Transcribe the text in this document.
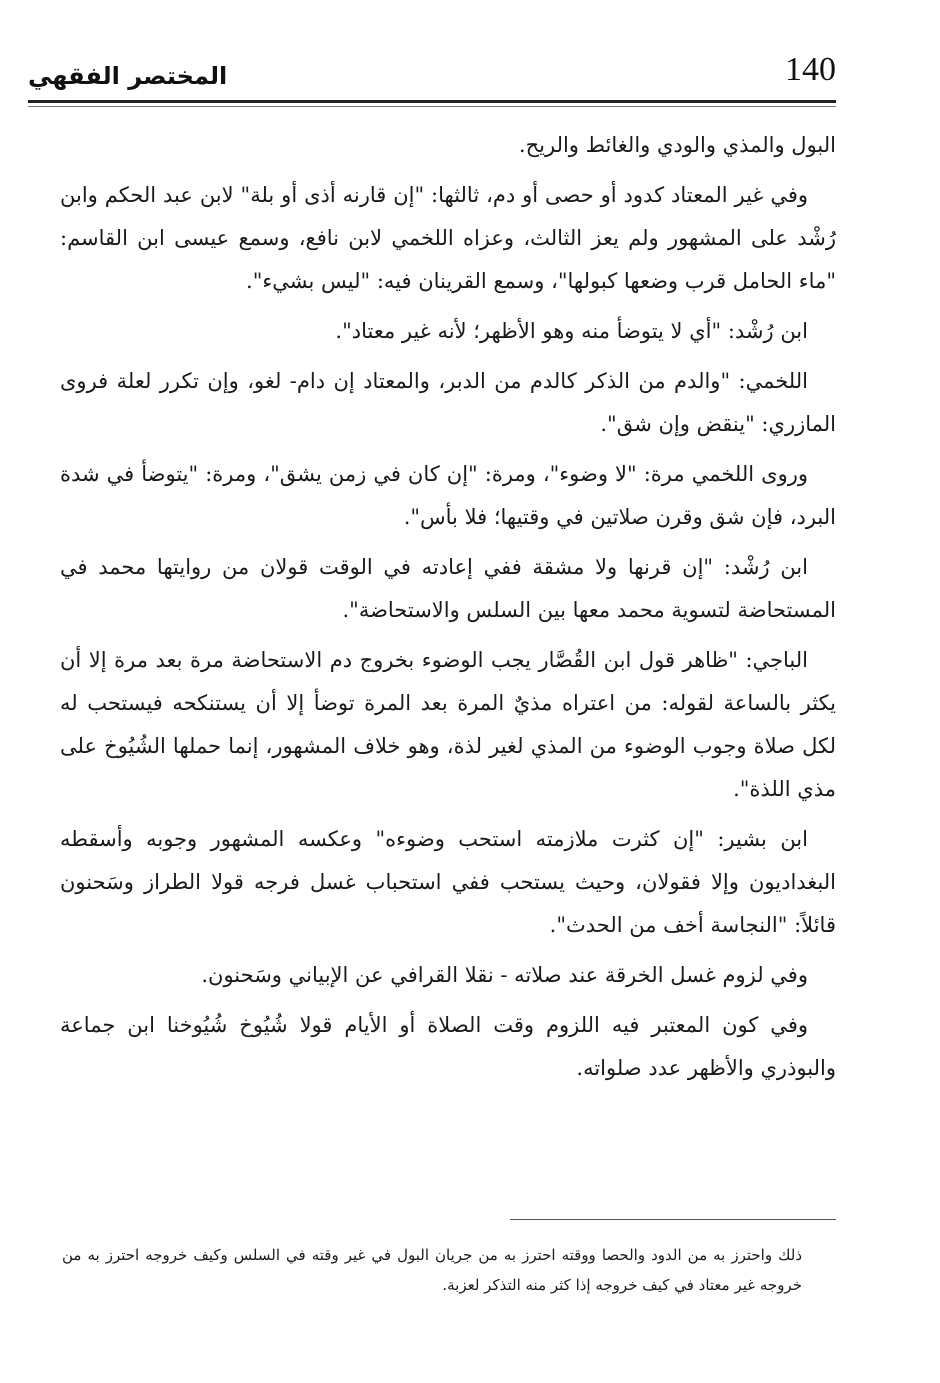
140
المختصر الفقهي

البول والمذي والودي والغائط والريح.

وفي غير المعتاد كدود أو حصى أو دم، ثالثها: "إن قارنه أذى أو بلة" لابن عبد الحكم وابن رُشْد على المشهور ولم يعز الثالث، وعزاه اللخمي لابن نافع، وسمع عيسى ابن القاسم: "ماء الحامل قرب وضعها كبولها"، وسمع القرينان فيه: "ليس بشيء".

ابن رُشْد: "أي لا يتوضأ منه وهو الأظهر؛ لأنه غير معتاد".

اللخمي: "والدم من الذكر كالدم من الدبر، والمعتاد إن دام- لغو، وإن تكرر لعلة فروى المازري: "ينقض وإن شق".

وروى اللخمي مرة: "لا وضوء"، ومرة: "إن كان في زمن يشق"، ومرة: "يتوضأ في شدة البرد، فإن شق وقرن صلاتين في وقتيها؛ فلا بأس".

ابن رُشْد: "إن قرنها ولا مشقة ففي إعادته في الوقت قولان من روايتها محمد في المستحاضة لتسوية محمد معها بين السلس والاستحاضة".

الباجي: "ظاهر قول ابن القُصَّار يجب الوضوء بخروج دم الاستحاضة مرة بعد مرة إلا أن يكثر بالساعة لقوله: من اعتراه مذيٌ المرة بعد المرة توضأ إلا أن يستنكحه فيستحب له لكل صلاة وجوب الوضوء من المذي لغير لذة، وهو خلاف المشهور، إنما حملها الشُيُوخ على مذي اللذة".

ابن بشير: "إن كثرت ملازمته استحب وضوءه" وعكسه المشهور وجوبه وأسقطه البغداديون وإلا فقولان، وحيث يستحب ففي استحباب غسل فرجه قولا الطراز وسَحنون قائلاً: "النجاسة أخف من الحدث".

وفي لزوم غسل الخرقة عند صلاته - نقلا القرافي عن الإبياني وسَحنون.

وفي كون المعتبر فيه اللزوم وقت الصلاة أو الأيام قولا شُيُوخ شُيُوخنا ابن جماعة والبوذري والأظهر عدد صلواته.

ذلك واحترز به من الدود والحصا ووقته احترز به من جريان البول في غير وقته في السلس وكيف خروجه احترز به من خروجه غير معتاد في كيف خروجه إذا كثر منه التذكر لعزبة.
